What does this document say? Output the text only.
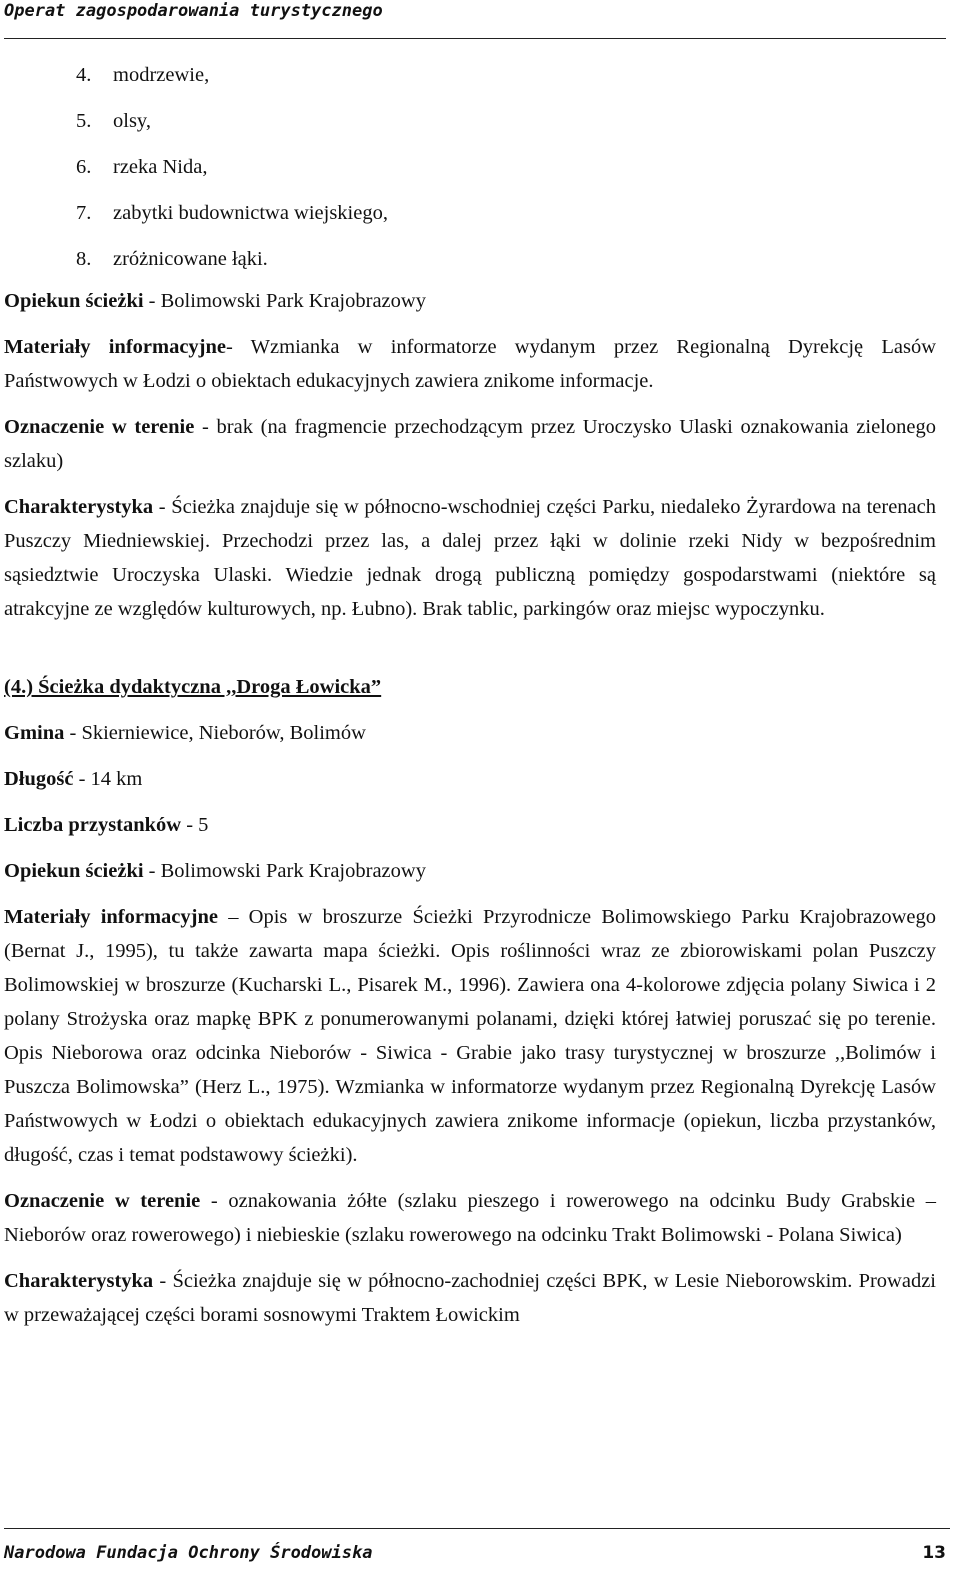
Operat zagospodarowania turystycznego
4. modrzewie,
5. olsy,
6. rzeka Nida,
7. zabytki budownictwa wiejskiego,
8. zróżnicowane łąki.

Opiekun ścieżki - Bolimowski Park Krajobrazowy

Materiały informacyjne- Wzmianka w informatorze wydanym przez Regionalną Dyrekcję Lasów Państwowych w Łodzi o obiektach edukacyjnych zawiera znikome informacje.

Oznaczenie w terenie - brak (na fragmencie przechodzącym przez Uroczysko Ulaski oznakowania zielonego szlaku)

Charakterystyka - Ścieżka znajduje się w północno-wschodniej części Parku, niedaleko Żyrardowa na terenach Puszczy Miedniewskiej. Przechodzi przez las, a dalej przez łąki w dolinie rzeki Nidy w bezpośrednim sąsiedztwie Uroczyska Ulaski. Wiedzie jednak drogą publiczną pomiędzy gospodarstwami (niektóre są atrakcyjne ze względów kulturowych, np. Łubno). Brak tablic, parkingów oraz miejsc wypoczynku.

(4.) Ścieżka dydaktyczna ,,Droga Łowicka”

Gmina - Skierniewice, Nieborów, Bolimów

Długość - 14 km

Liczba przystanków - 5

Opiekun ścieżki - Bolimowski Park Krajobrazowy

Materiały informacyjne – Opis w broszurze Ścieżki Przyrodnicze Bolimowskiego Parku Krajobrazowego (Bernat J., 1995), tu także zawarta mapa ścieżki. Opis roślinności wraz ze zbiorowiskami polan Puszczy Bolimowskiej w broszurze (Kucharski L., Pisarek M., 1996). Zawiera ona 4-kolorowe zdjęcia polany Siwica i 2 polany Strożyska oraz mapkę BPK z ponumerowanymi polanami, dzięki której łatwiej poruszać się po terenie. Opis Nieborowa oraz odcinka Nieborów - Siwica - Grabie jako trasy turystycznej w broszurze ,,Bolimów i Puszcza Bolimowska” (Herz L., 1975). Wzmianka w informatorze wydanym przez Regionalną Dyrekcję Lasów Państwowych w Łodzi o obiektach edukacyjnych zawiera znikome informacje (opiekun, liczba przystanków, długość, czas i temat podstawowy ścieżki).

Oznaczenie w terenie - oznakowania żółte (szlaku pieszego i rowerowego na odcinku Budy Grabskie – Nieborów oraz rowerowego) i niebieskie (szlaku rowerowego na odcinku Trakt Bolimowski - Polana Siwica)

Charakterystyka - Ścieżka znajduje się w północno-zachodniej części BPK, w Lesie Nieborowskim. Prowadzi w przeważającej części borami sosnowymi Traktem Łowickim

Narodowa Fundacja Ochrony Środowiska	13
